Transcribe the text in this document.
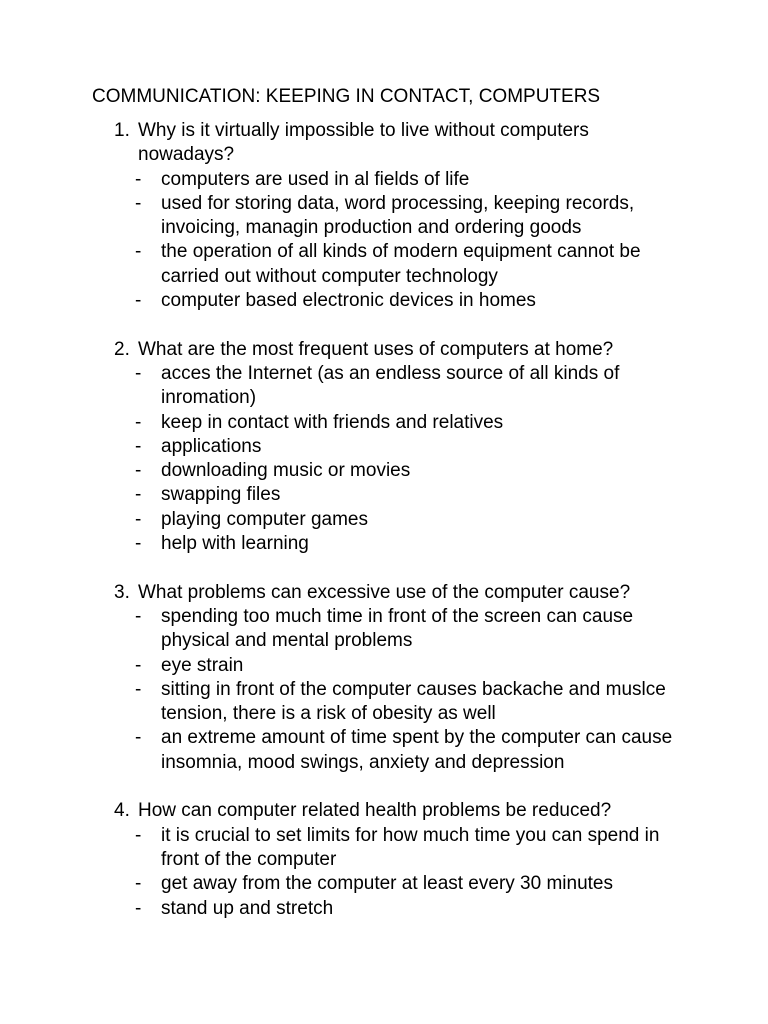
COMMUNICATION: KEEPING IN CONTACT, COMPUTERS
1. Why is it virtually impossible to live without computers nowadays?
- computers are used in al fields of life
- used for storing data, word processing, keeping records, invoicing, managin production and ordering goods
- the operation of all kinds of modern equipment cannot be carried out without computer technology
- computer based electronic devices in homes
2. What are the most frequent uses of computers at home?
- acces the Internet (as an endless source of all kinds of inromation)
- keep in contact with friends and relatives
- applications
- downloading music or movies
- swapping files
- playing computer games
- help with learning
3. What problems can excessive use of the computer cause?
- spending too much time in front of the screen can cause physical and mental problems
- eye strain
- sitting in front of the computer causes backache and muslce tension, there is a risk of obesity as well
- an extreme amount of time spent by the computer can cause insomnia, mood swings, anxiety and depression
4. How can computer related health problems be reduced?
- it is crucial to set limits for how much time you can spend in front of the computer
- get away from the computer at least every 30 minutes
- stand up and stretch
